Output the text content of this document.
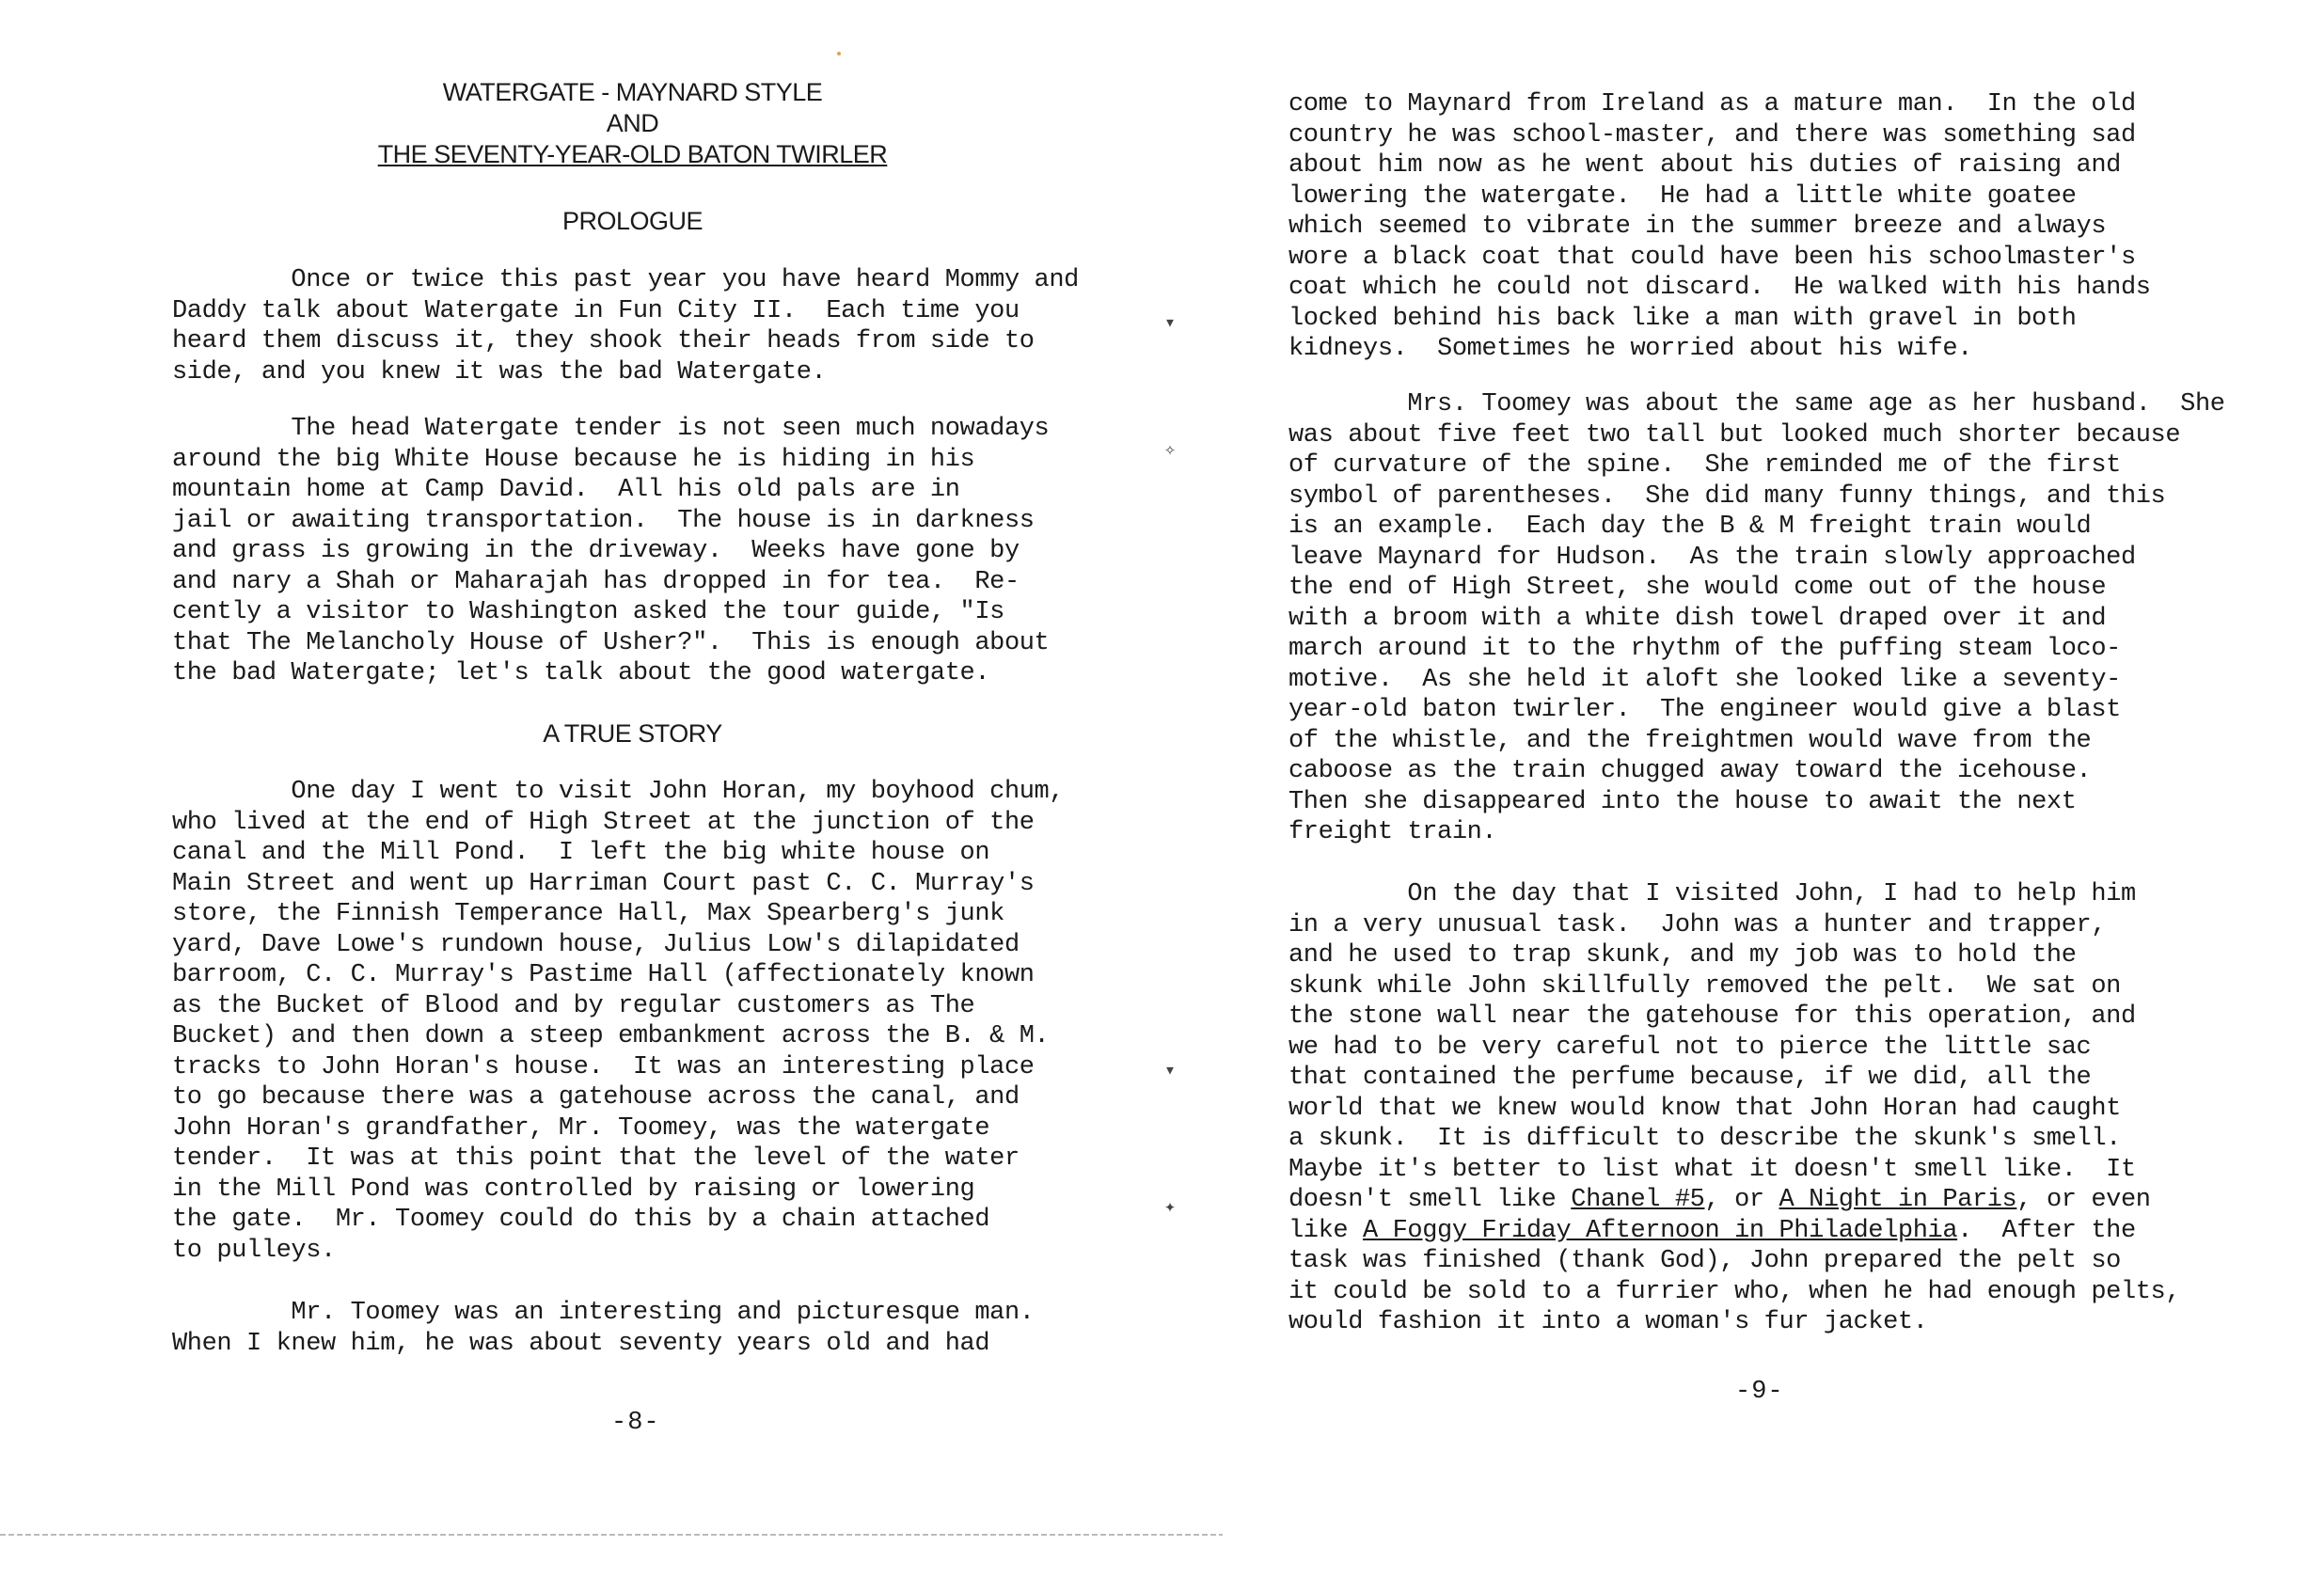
WATERGATE - MAYNARD STYLE
AND
THE SEVENTY-YEAR-OLD BATON TWIRLER
PROLOGUE
Once or twice this past year you have heard Mommy and
Daddy talk about Watergate in Fun City II.  Each time you
heard them discuss it, they shook their heads from side to
side, and you knew it was the bad Watergate.
The head Watergate tender is not seen much nowadays
around the big White House because he is hiding in his
mountain home at Camp David.  All his old pals are in
jail or awaiting transportation.  The house is in darkness
and grass is growing in the driveway.  Weeks have gone by
and nary a Shah or Maharajah has dropped in for tea.  Re-
cently a visitor to Washington asked the tour guide, "Is
that The Melancholy House of Usher?".  This is enough about
the bad Watergate; let's talk about the good watergate.
A TRUE STORY
One day I went to visit John Horan, my boyhood chum,
who lived at the end of High Street at the junction of the
canal and the Mill Pond.  I left the big white house on
Main Street and went up Harriman Court past C. C. Murray's
store, the Finnish Temperance Hall, Max Spearberg's junk
yard, Dave Lowe's rundown house, Julius Low's dilapidated
barroom, C. C. Murray's Pastime Hall (affectionately known
as the Bucket of Blood and by regular customers as The
Bucket) and then down a steep embankment across the B. & M.
tracks to John Horan's house.  It was an interesting place
to go because there was a gatehouse across the canal, and
John Horan's grandfather, Mr. Toomey, was the watergate
tender.  It was at this point that the level of the water
in the Mill Pond was controlled by raising or lowering
the gate.  Mr. Toomey could do this by a chain attached
to pulleys.
Mr. Toomey was an interesting and picturesque man.
When I knew him, he was about seventy years old and had
-8-
▾
✧
▾
✦
come to Maynard from Ireland as a mature man.  In the old
country he was school-master, and there was something sad
about him now as he went about his duties of raising and
lowering the watergate.  He had a little white goatee
which seemed to vibrate in the summer breeze and always
wore a black coat that could have been his schoolmaster's
coat which he could not discard.  He walked with his hands
locked behind his back like a man with gravel in both
kidneys.  Sometimes he worried about his wife.
Mrs. Toomey was about the same age as her husband.  She
was about five feet two tall but looked much shorter because
of curvature of the spine.  She reminded me of the first
symbol of parentheses.  She did many funny things, and this
is an example.  Each day the B & M freight train would
leave Maynard for Hudson.  As the train slowly approached
the end of High Street, she would come out of the house
with a broom with a white dish towel draped over it and
march around it to the rhythm of the puffing steam loco-
motive.  As she held it aloft she looked like a seventy-
year-old baton twirler.  The engineer would give a blast
of the whistle, and the freightmen would wave from the
caboose as the train chugged away toward the icehouse.
Then she disappeared into the house to await the next
freight train.
On the day that I visited John, I had to help him
in a very unusual task.  John was a hunter and trapper,
and he used to trap skunk, and my job was to hold the
skunk while John skillfully removed the pelt.  We sat on
the stone wall near the gatehouse for this operation, and
we had to be very careful not to pierce the little sac
that contained the perfume because, if we did, all the
world that we knew would know that John Horan had caught
a skunk.  It is difficult to describe the skunk's smell.
Maybe it's better to list what it doesn't smell like.  It
doesn't smell like Chanel #5, or A Night in Paris, or even
like A Foggy Friday Afternoon in Philadelphia.  After the
task was finished (thank God), John prepared the pelt so
it could be sold to a furrier who, when he had enough pelts,
would fashion it into a woman's fur jacket.
-9-
